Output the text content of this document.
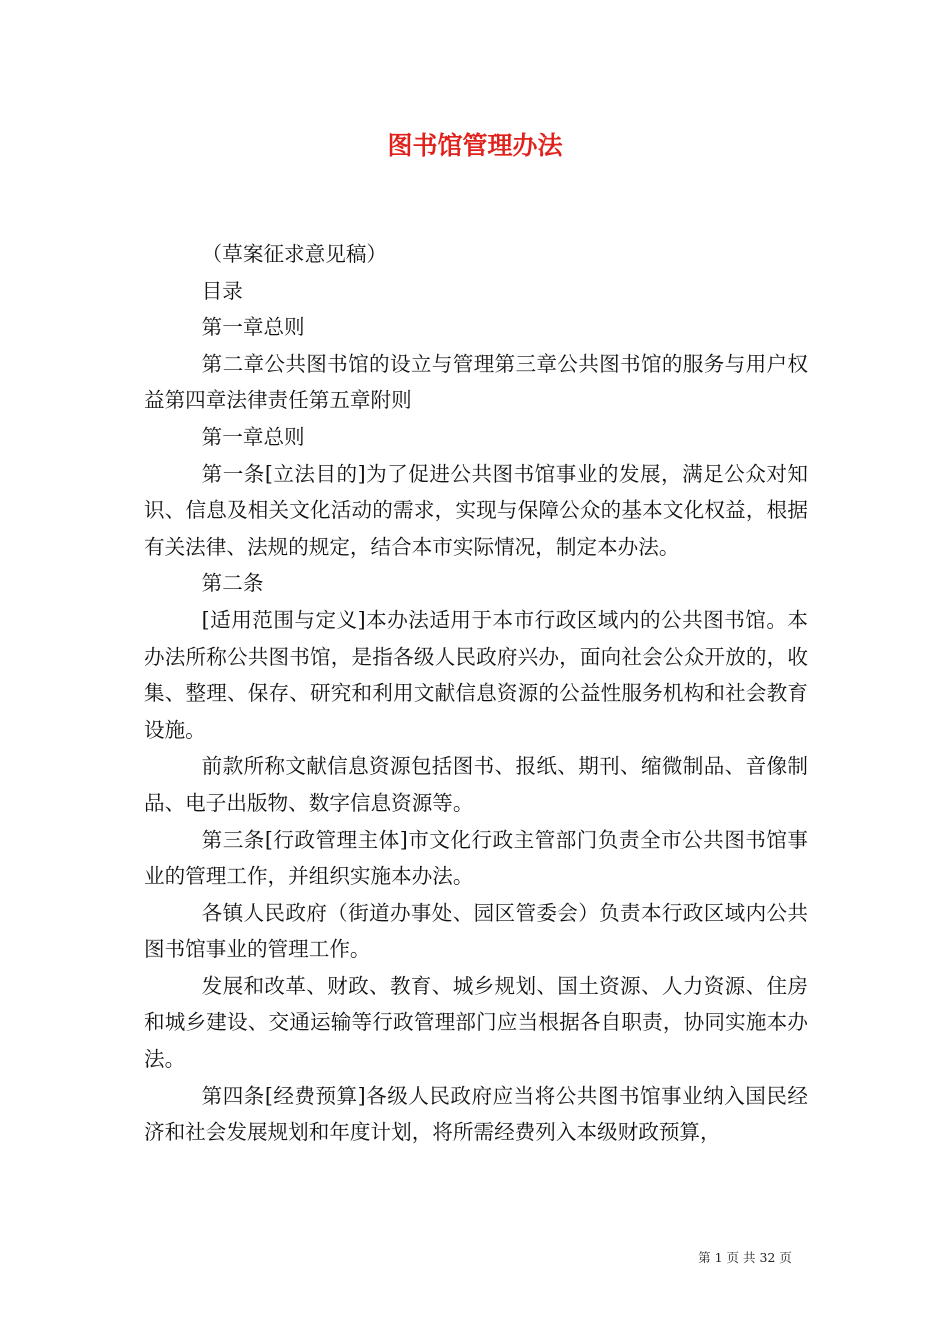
图书馆管理办法

（草案征求意见稿）

目录

第一章总则

第二章公共图书馆的设立与管理第三章公共图书馆的服务与用户权益第四章法律责任第五章附则

第一章总则

第一条[立法目的]为了促进公共图书馆事业的发展，满足公众对知识、信息及相关文化活动的需求，实现与保障公众的基本文化权益，根据有关法律、法规的规定，结合本市实际情况，制定本办法。

第二条

[适用范围与定义]本办法适用于本市行政区域内的公共图书馆。本办法所称公共图书馆，是指各级人民政府兴办，面向社会公众开放的，收集、整理、保存、研究和利用文献信息资源的公益性服务机构和社会教育设施。

前款所称文献信息资源包括图书、报纸、期刊、缩微制品、音像制品、电子出版物、数字信息资源等。

第三条[行政管理主体]市文化行政主管部门负责全市公共图书馆事业的管理工作，并组织实施本办法。

各镇人民政府（街道办事处、园区管委会）负责本行政区域内公共图书馆事业的管理工作。

发展和改革、财政、教育、城乡规划、国土资源、人力资源、住房和城乡建设、交通运输等行政管理部门应当根据各自职责，协同实施本办法。

第四条[经费预算]各级人民政府应当将公共图书馆事业纳入国民经济和社会发展规划和年度计划，将所需经费列入本级财政预算，

第 1 页 共 32 页
